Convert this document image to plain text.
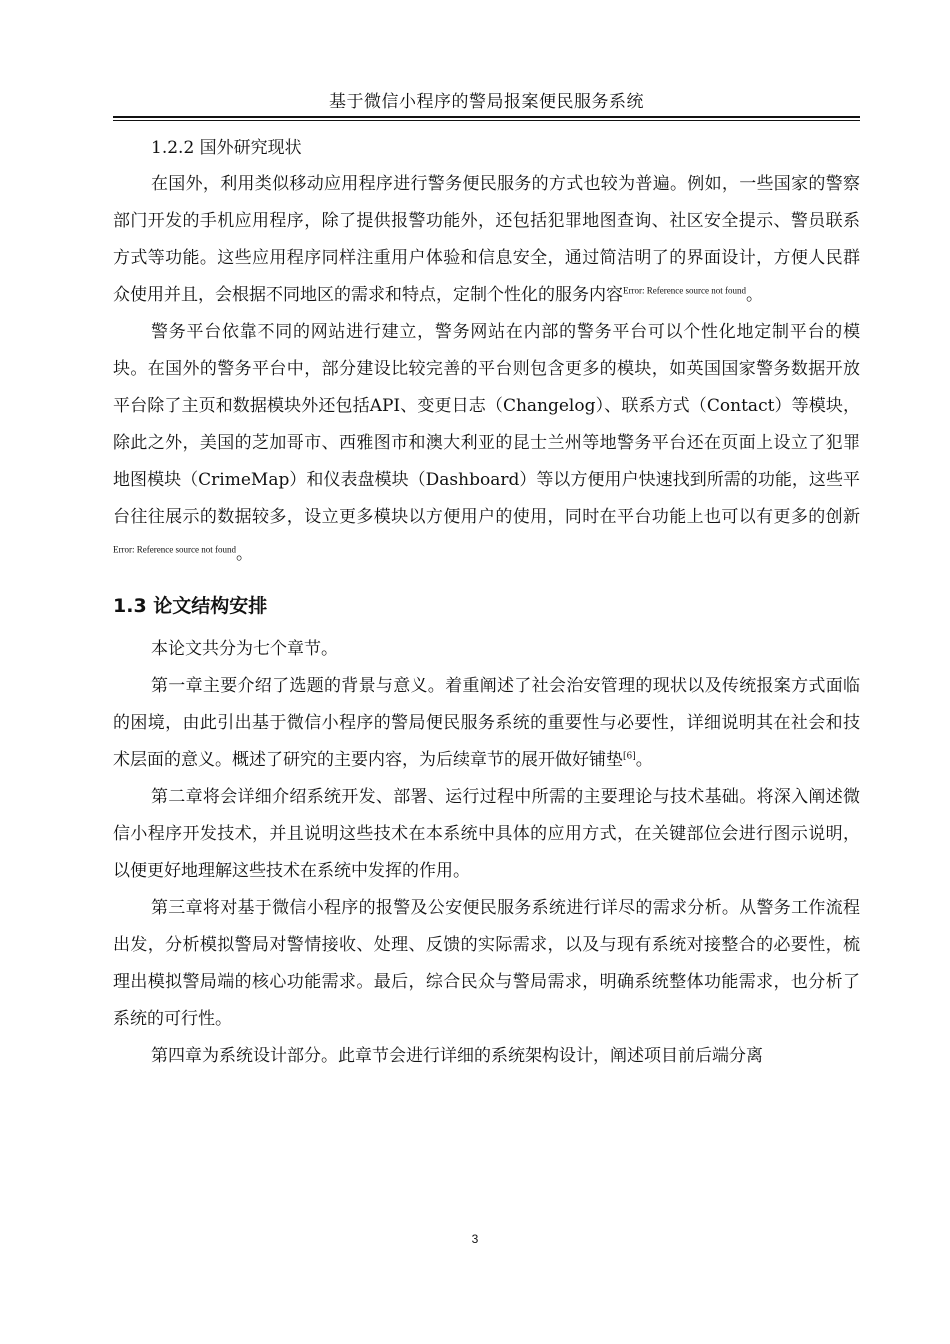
基于微信小程序的警局报案便民服务系统

1.2.2 国外研究现状

在国外，利用类似移动应用程序进行警务便民服务的方式也较为普遍。例如，一些国家的警察部门开发的手机应用程序，除了提供报警功能外，还包括犯罪地图查询、社区安全提示、警员联系方式等功能。这些应用程序同样注重用户体验和信息安全，通过简洁明了的界面设计，方便人民群众使用并且，会根据不同地区的需求和特点，定制个性化的服务内容$^{Error: Reference source not found}$。

警务平台依靠不同的网站进行建立，警务网站在内部的警务平台可以个性化地定制平台的模块。在国外的警务平台中，部分建设比较完善的平台则包含更多的模块，如英国国家警务数据开放平台除了主页和数据模块外还包括API、变更日志（Changelog）、联系方式（Contact）等模块，除此之外，美国的芝加哥市、西雅图市和澳大利亚的昆士兰州等地警务平台还在页面上设立了犯罪地图模块（CrimeMap）和仪表盘模块（Dashboard）等以方便用户快速找到所需的功能，这些平台往往展示的数据较多，设立更多模块以方便用户的使用，同时在平台功能上也可以有更多的创新$^{Error: Reference source not found}$。

1.3 论文结构安排

本论文共分为七个章节。

第一章主要介绍了选题的背景与意义。着重阐述了社会治安管理的现状以及传统报案方式面临的困境，由此引出基于微信小程序的警局便民服务系统的重要性与必要性，详细说明其在社会和技术层面的意义。概述了研究的主要内容，为后续章节的展开做好铺垫[6]。

第二章将会详细介绍系统开发、部署、运行过程中所需的主要理论与技术基础。将深入阐述微信小程序开发技术，并且说明这些技术在本系统中具体的应用方式，在关键部位会进行图示说明，以便更好地理解这些技术在系统中发挥的作用。

第三章将对基于微信小程序的报警及公安便民服务系统进行详尽的需求分析。从警务工作流程出发，分析模拟警局对警情接收、处理、反馈的实际需求，以及与现有系统对接整合的必要性，梳理出模拟警局端的核心功能需求。最后，综合民众与警局需求，明确系统整体功能需求，也分析了系统的可行性。

第四章为系统设计部分。此章节会进行详细的系统架构设计，阐述项目前后端分离

3
